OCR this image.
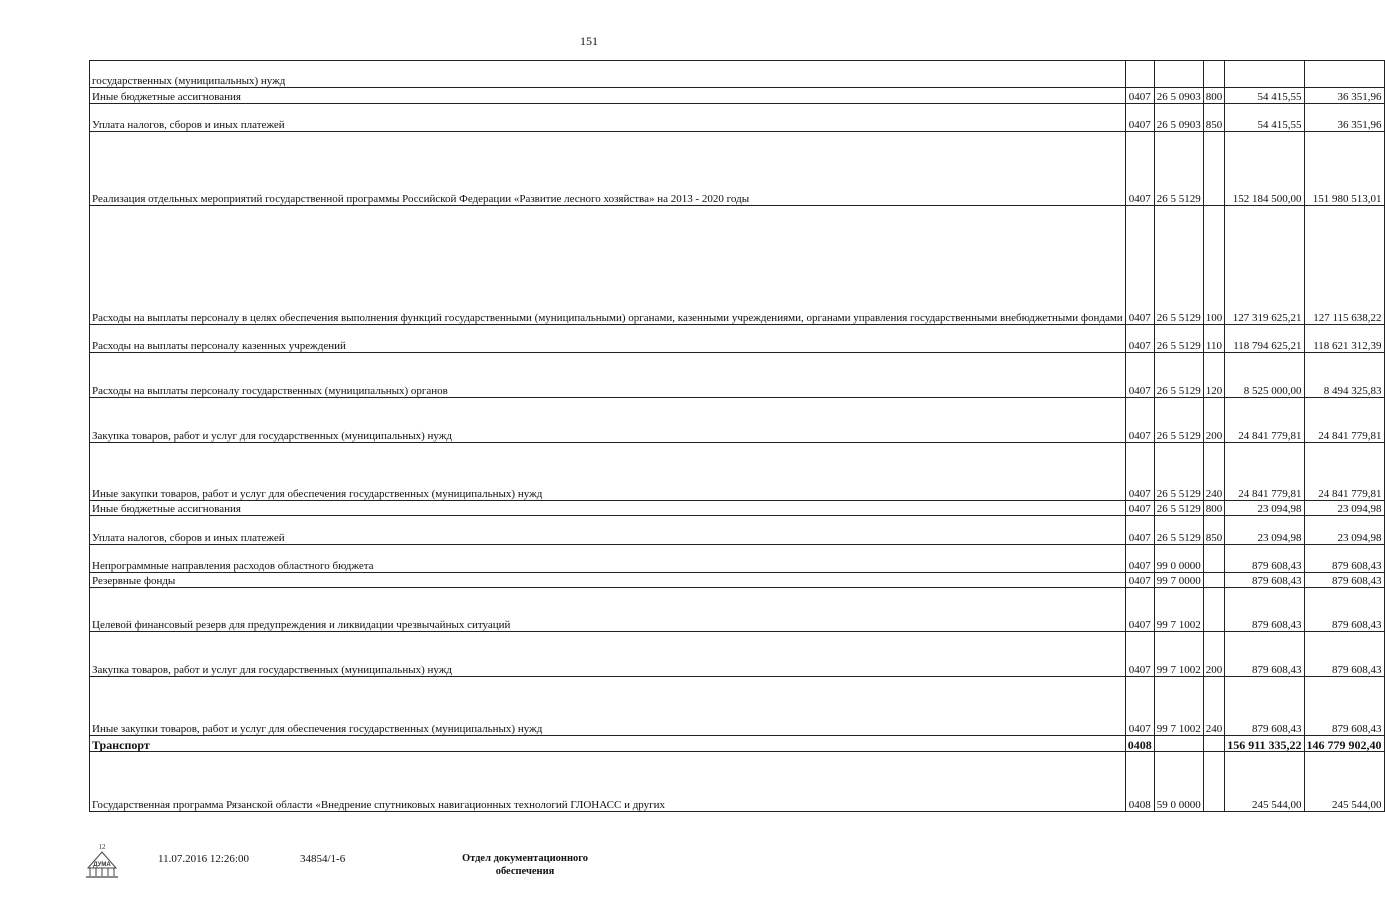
151
государственных (муниципальных) нужд					
Иные бюджетные ассигнования	0407	26 5 0903	800	54 415,55	36 351,96
Уплата налогов, сборов и иных платежей	0407	26 5 0903	850	54 415,55	36 351,96
Реализация отдельных мероприятий государственной программы Российской Федерации «Развитие лесного хозяйства» на 2013 - 2020 годы	0407	26 5 5129		152 184 500,00	151 980 513,01
Расходы на выплаты персоналу в целях обеспечения выполнения функций государственными (муниципальными) органами, казенными учреждениями, органами управления государственными внебюджетными фондами	0407	26 5 5129	100	127 319 625,21	127 115 638,22
Расходы на выплаты персоналу казенных учреждений	0407	26 5 5129	110	118 794 625,21	118 621 312,39
Расходы на выплаты персоналу государственных (муниципальных) органов	0407	26 5 5129	120	8 525 000,00	8 494 325,83
Закупка товаров, работ и услуг для государственных (муниципальных) нужд	0407	26 5 5129	200	24 841 779,81	24 841 779,81
Иные закупки товаров, работ и услуг для обеспечения государственных (муниципальных) нужд	0407	26 5 5129	240	24 841 779,81	24 841 779,81
Иные бюджетные ассигнования	0407	26 5 5129	800	23 094,98	23 094,98
Уплата налогов, сборов и иных платежей	0407	26 5 5129	850	23 094,98	23 094,98
Непрограммные направления расходов областного бюджета	0407	99 0 0000		879 608,43	879 608,43
Резервные фонды	0407	99 7 0000		879 608,43	879 608,43
Целевой финансовый резерв для предупреждения и ликвидации чрезвычайных ситуаций	0407	99 7 1002		879 608,43	879 608,43
Закупка товаров, работ и услуг для государственных (муниципальных) нужд	0407	99 7 1002	200	879 608,43	879 608,43
Иные закупки товаров, работ и услуг для обеспечения государственных (муниципальных) нужд	0407	99 7 1002	240	879 608,43	879 608,43
Транспорт	0408			156 911 335,22	146 779 902,40
Государственная программа Рязанской области «Внедрение спутниковых навигационных технологий ГЛОНАСС и других	0408	59 0 0000		245 544,00	245 544,00
12
ДУМА	11.07.2016 12:26:00	34854/1-6	Отдел документационного
обеспечения
